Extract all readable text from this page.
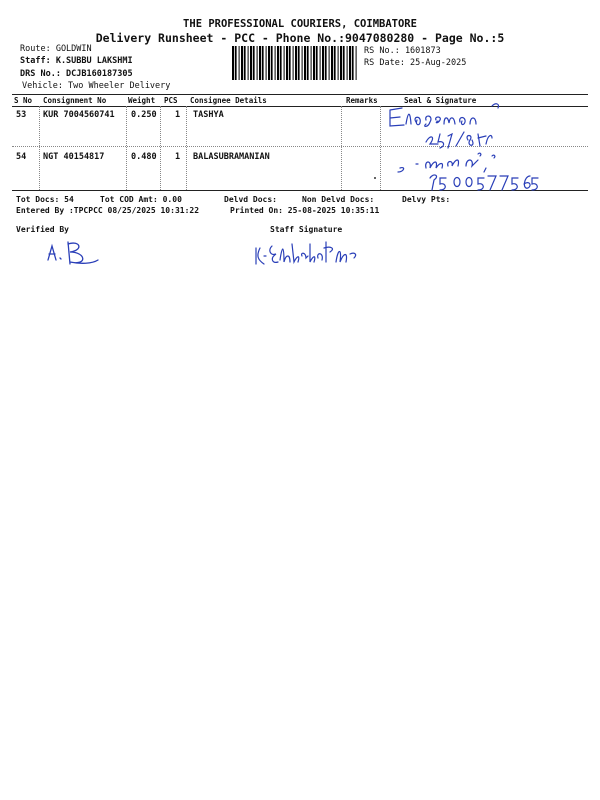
THE PROFESSIONAL COURIERS, COIMBATORE
Delivery Runsheet - PCC - Phone No.:9047080280 - Page No.:5
Route: GOLDWIN
Staff: K.SUBBU LAKSHMI
DRS No.: DCJB160187305
Vehicle: Two Wheeler Delivery
RS No.: 1601873
RS Date: 25-Aug-2025
S No Consignment No	Weight PCS Consignee Details	Remarks	Seal & Signature
53 KUR 7004560741 0.250 1 TASHYA
54 NGT 40154817	0.480 1 BALASUBRAMANIAN
Tot Docs: 54	Tot COD Amt: 0.00	Delvd Docs:	Non Delvd Docs:	Delvy Pts:
Entered By :TPCPCC 08/25/2025 10:31:22	Printed On: 25-08-2025 10:35:11
Verified By	Staff Signature
